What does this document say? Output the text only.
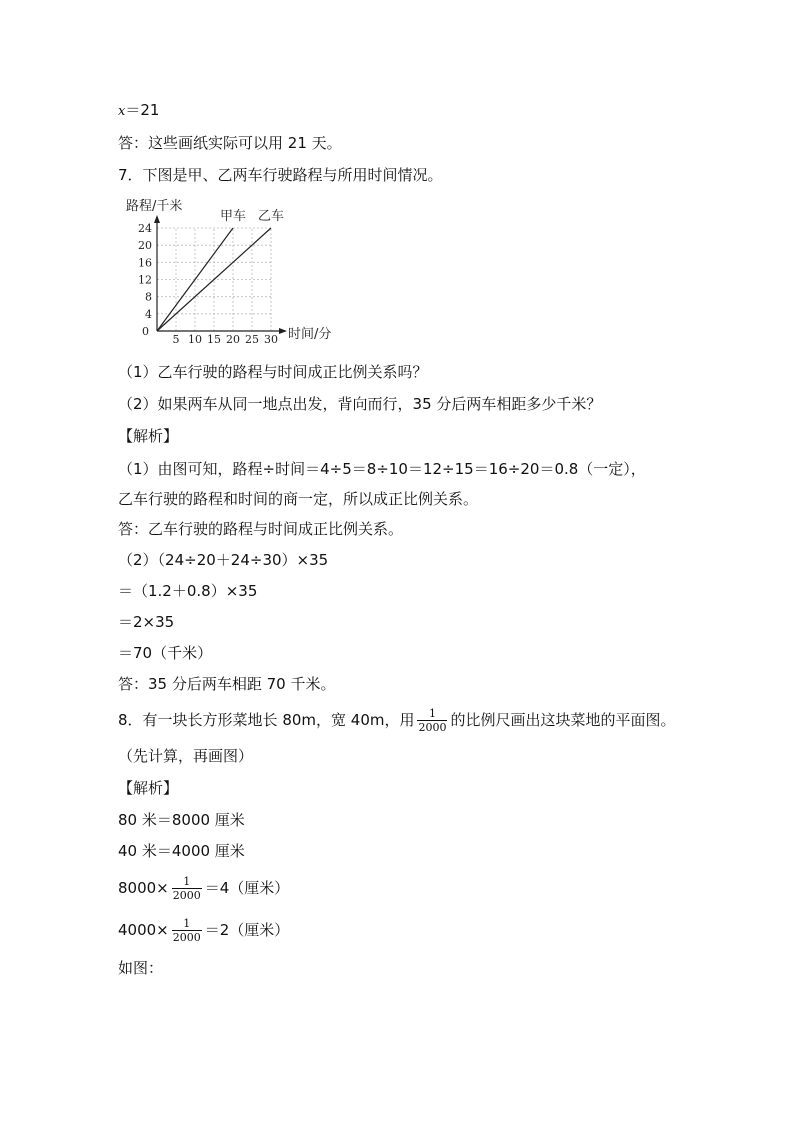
x＝21
答：这些画纸实际可以用 21 天。
7．下图是甲、乙两车行驶路程与所用时间情况。
5 10 15 20 25 30
4
8
12
16
20
24
0
甲车 乙车
路程/千米
时间/分
（1）乙车行驶的路程与时间成正比例关系吗？
（2）如果两车从同一地点出发，背向而行，35 分后两车相距多少千米？
【解析】
（1）由图可知，路程÷时间＝4÷5＝8÷10＝12÷15＝16÷20＝0.8（一定），
乙车行驶的路程和时间的商一定，所以成正比例关系。
答：乙车行驶的路程与时间成正比例关系。
（2）（24÷20＋24÷30）×35
＝（1.2＋0.8）×35
＝2×35
＝70（千米）
答：35 分后两车相距 70 千米。
8．有一块长方形菜地长 80m，宽 40m，用 $\frac{1}{2000}$ 的比例尺画出这块菜地的平面图。
（先计算，再画图）
【解析】
80 米＝8000 厘米
40 米＝4000 厘米
$8000\times \frac{1}{2000} =4$（厘米）
$4000\times \frac{1}{2000} =2$（厘米）
如图：
